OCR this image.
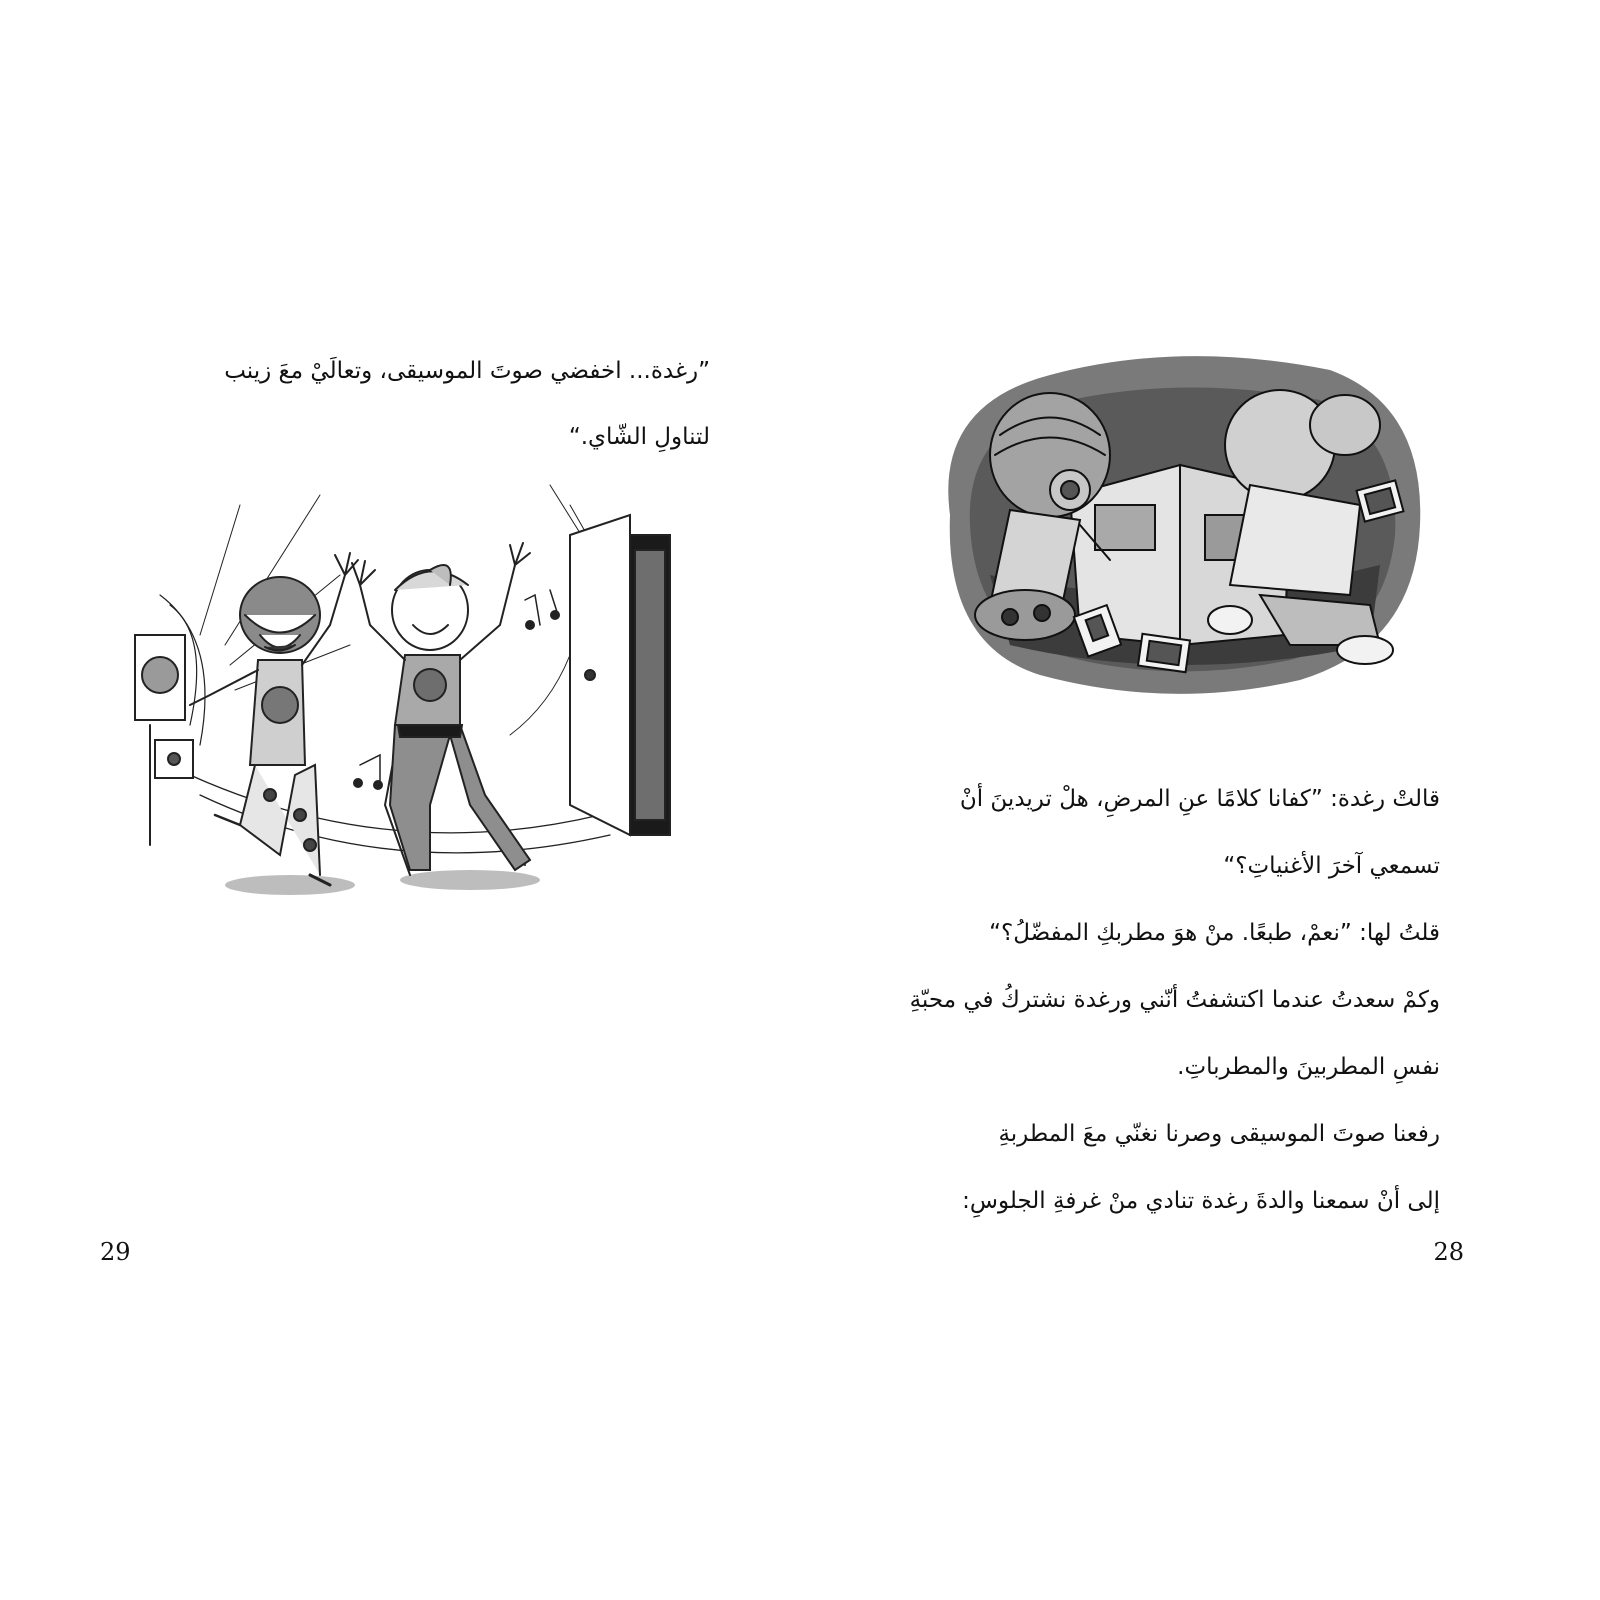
”رغدة... اخفضي صوتَ الموسيقى، وتعالَيْ معَ زينب
لتناولِ الشّاي.“
29
قالتْ رغدة: ”كفانا كلامًا عنِ المرضِ، هلْ تريدينَ أنْ
تسمعي آخرَ الأغنياتِ؟“
قلتُ لها: ”نعمْ، طبعًا. منْ هوَ مطربكِ المفضّلُ؟“
وكمْ سعدتُ عندما اكتشفتُ أنّني ورغدة نشتركُ في محبّةِ
نفسِ المطربينَ والمطرباتِ.
رفعنا صوتَ الموسيقى وصرنا نغنّي معَ المطربةِ
إلى أنْ سمعنا والدةَ رغدة تنادي منْ غرفةِ الجلوسِ:
28
